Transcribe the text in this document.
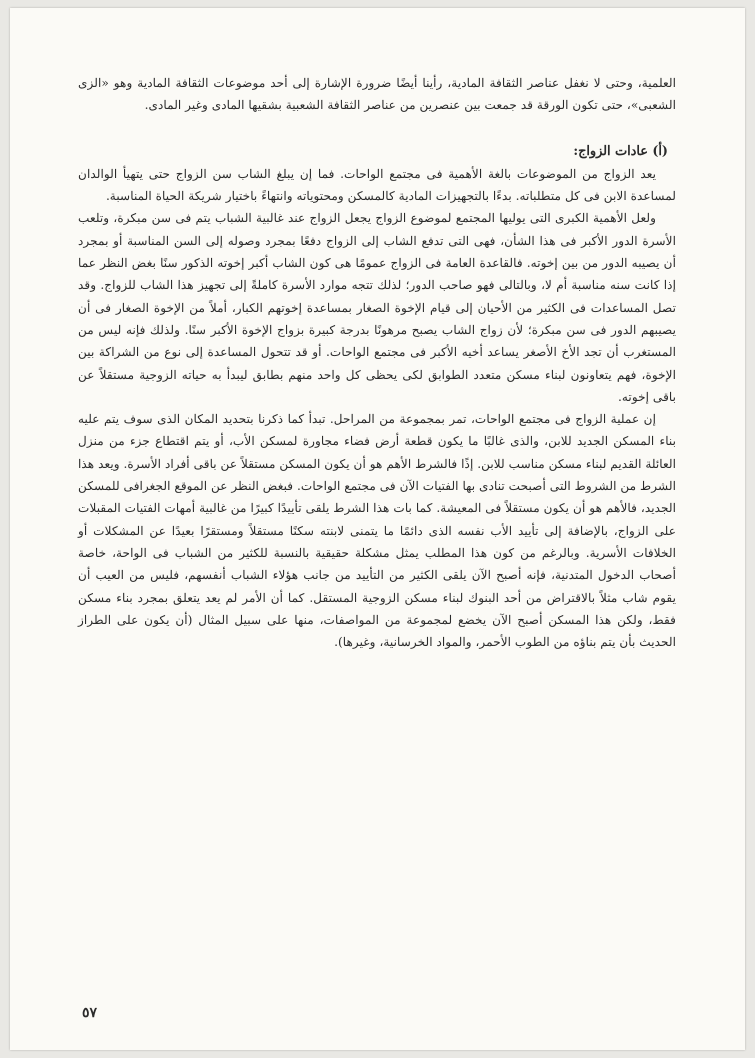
العلمية، وحتى لا نغفل عناصر الثقافة المادية، رأينا أيضًا ضرورة الإشارة إلى أحد موضوعات الثقافة المادية وهو «الزى الشعبى»، حتى تكون الورقة قد جمعت بين عنصرين من عناصر الثقافة الشعبية بشقيها المادى وغير المادى.

(أ) عادات الزواج:

يعد الزواج من الموضوعات بالغة الأهمية فى مجتمع الواحات. فما إن يبلغ الشاب سن الزواج حتى يتهيأ الوالدان لمساعدة الابن فى كل متطلباته. بدءًا بالتجهيزات المادية كالمسكن ومحتوياته وانتهاءً باختيار شريكة الحياة المناسبة.

ولعل الأهمية الكبرى التى يوليها المجتمع لموضوع الزواج يجعل الزواج عند غالبية الشباب يتم فى سن مبكرة، وتلعب الأسرة الدور الأكبر فى هذا الشأن، فهى التى تدفع الشاب إلى الزواج دفعًا بمجرد وصوله إلى السن المناسبة أو بمجرد أن يصيبه الدور من بين إخوته. فالقاعدة العامة فى الزواج عمومًا هى كون الشاب أكبر إخوته الذكور سنًا بغض النظر عما إذا كانت سنه مناسبة أم لا، وبالتالى فهو صاحب الدور؛ لذلك تتجه موارد الأسرة كاملةً إلى تجهيز هذا الشاب للزواج. وقد تصل المساعدات فى الكثير من الأحيان إلى قيام الإخوة الصغار بمساعدة إخوتهم الكبار، أملاً من الإخوة الصغار فى أن يصيبهم الدور فى سن مبكرة؛ لأن زواج الشاب يصبح مرهونًا بدرجة كبيرة بزواج الإخوة الأكبر سنًا. ولذلك فإنه ليس من المستغرب أن تجد الأخ الأصغر يساعد أخيه الأكبر فى مجتمع الواحات. أو قد تتحول المساعدة إلى نوع من الشراكة بين الإخوة، فهم يتعاونون لبناء مسكن متعدد الطوابق لكى يحظى كل واحد منهم بطابق ليبدأ به حياته الزوجية مستقلاً عن باقى إخوته.

إن عملية الزواج فى مجتمع الواحات، تمر بمجموعة من المراحل. تبدأ كما ذكرنا بتحديد المكان الذى سوف يتم عليه بناء المسكن الجديد للابن، والذى غالبًا ما يكون قطعة أرض فضاء مجاورة لمسكن الأب، أو يتم اقتطاع جزء من منزل العائلة القديم لبناء مسكن مناسب للابن. إذًا فالشرط الأهم هو أن يكون المسكن مستقلاً عن باقى أفراد الأسرة. ويعد هذا الشرط من الشروط التى أصبحت تنادى بها الفتيات الآن فى مجتمع الواحات. فبغض النظر عن الموقع الجغرافى للمسكن الجديد، فالأهم هو أن يكون مستقلاً فى المعيشة. كما بات هذا الشرط يلقى تأييدًا كبيرًا من غالبية أمهات الفتيات المقبلات على الزواج، بالإضافة إلى تأييد الأب نفسه الذى دائمًا ما يتمنى لابنته سكنًا مستقلاً ومستقرًا بعيدًا عن المشكلات أو الخلافات الأسرية. وبالرغم من كون هذا المطلب يمثل مشكلة حقيقية بالنسبة للكثير من الشباب فى الواحة، خاصة أصحاب الدخول المتدنية، فإنه أصبح الآن يلقى الكثير من التأييد من جانب هؤلاء الشباب أنفسهم، فليس من العيب أن يقوم شاب مثلاً بالاقتراض من أحد البنوك لبناء مسكن الزوجية المستقل. كما أن الأمر لم يعد يتعلق بمجرد بناء مسكن فقط، ولكن هذا المسكن أصبح الآن يخضع لمجموعة من المواصفات، منها على سبيل المثال (أن يكون على الطراز الحديث بأن يتم بناؤه من الطوب الأحمر، والمواد الخرسانية، وغيرها).

٥٧
